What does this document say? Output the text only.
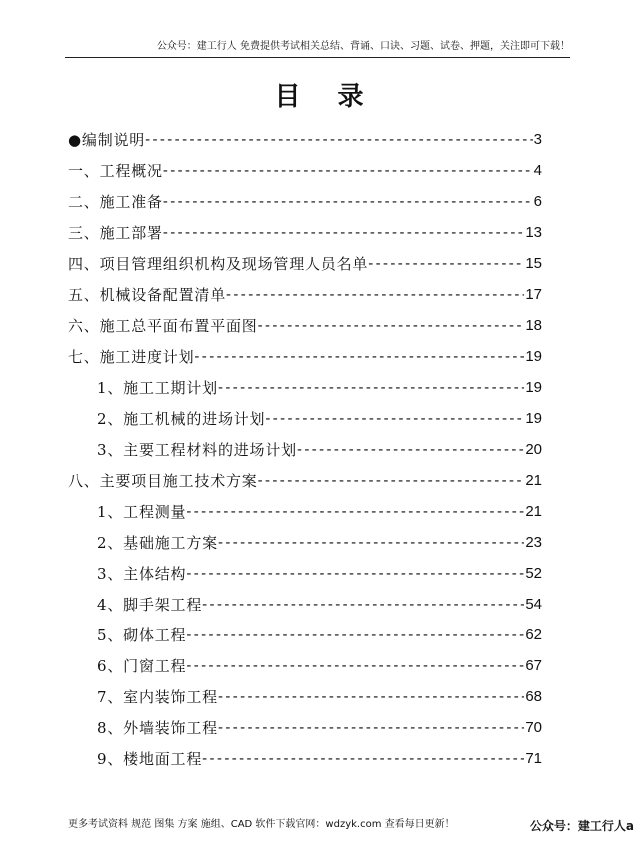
公众号：建工行人 免费提供考试相关总结、背诵、口诀、习题、试卷、押题，关注即可下载！
目 录
●编制说明 -----	3
一、工程概况 -----	4
二、施工准备 -----	6
三、施工部署 -----	13
四、项目管理组织机构及现场管理人员名单 -----	15
五、机械设备配置清单 -----	17
六、施工总平面布置平面图 -----	18
七、施工进度计划 -----	19
1、施工工期计划 -----	19
2、施工机械的进场计划 -----	19
3、主要工程材料的进场计划 -----	20
八、主要项目施工技术方案 -----	21
1、工程测量 -----	21
2、基础施工方案 -----	23
3、主体结构 -----	52
4、脚手架工程 -----	54
5、砌体工程 -----	62
6、门窗工程 -----	67
7、室内装饰工程 -----	68
8、外墙装饰工程 -----	70
9、楼地面工程 -----	71
更多考试资料 规范 图集 方案 施组、CAD 软件下载官网：wdzyk.com 查看每日更新！	公众号：建工行人a
